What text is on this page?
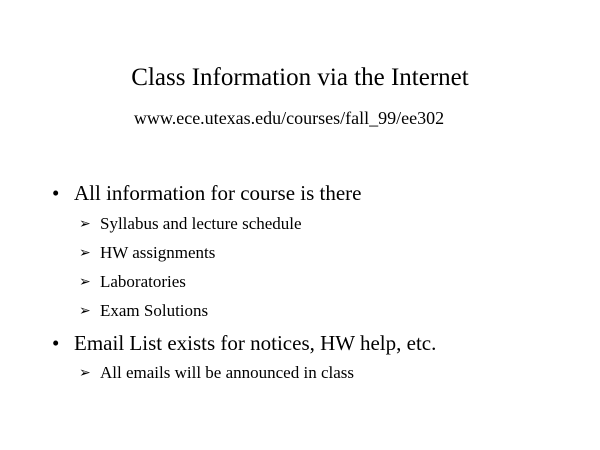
Class Information via the Internet
www.ece.utexas.edu/courses/fall_99/ee302
• All information for course is there
➢ Syllabus and lecture schedule
➢ HW assignments
➢ Laboratories
➢ Exam Solutions
• Email List exists for notices, HW help, etc.
➢ All emails will be announced in class
